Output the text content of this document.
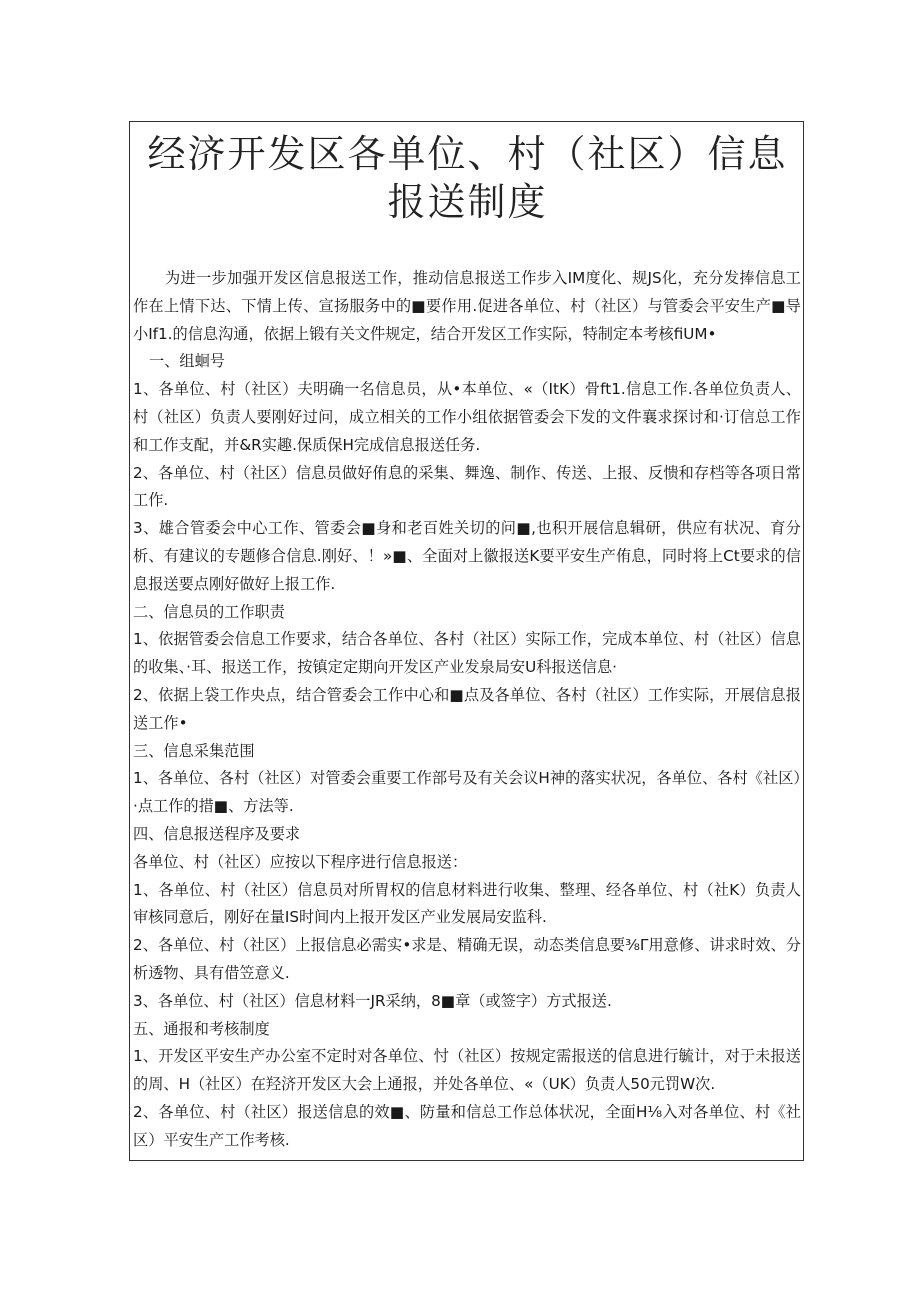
经济开发区各单位、村（社区）信息报送制度

为进一步加强开发区信息报送工作，推动信息报送工作步入IM度化、规JS化，充分发捧信息工作在上情下达、下情上传、宣扬服务中的■要作用.促进各单位、村（社区）与管委会平安生产■导小If1.的信息沟通，依据上锻有关文件规定，结合开发区工作实际，特制定本考核fiUM•

一、组蛔号

1、各单位、村（社区）夫明确一名信息员，从•本单位、«（ItK）骨ft1.信息工作.各单位负责人、村（社区）负责人要刚好过问，成立相关的工作小组依据管委会下发的文件襄求探讨和·订信总工作和工作支配，并&R实趣.保质保H完成信息报送任务.

2、各单位、村（社区）信息员做好侑息的采集、舞逸、制作、传送、上报、反愦和存档等各项日常工作.

3、雄合管委会中心工作、管委会■身和老百姓关切的问■,也积开展信息辑研，供应有状况、育分析、有建议的专题修合信息.刚好、！»■、全面对上徽报送K要平安生产侑息，同时将上Ct要求的信息报送要点刚好做好上报工作.

二、信息员的工作职责

1、依据管委会信息工作要求，结合各单位、各村（社区）实际工作，完成本单位、村（社区）信息的收集、·耳、报送工作，按镇定定期向开发区产业发泉局安U科报送信息·

2、依据上袋工作央点，结合管委会工作中心和■点及各单位、各村（社区）工作实际，开展信息报送工作•

三、信息采集范围

1、各单位、各村（社区）对管委会重要工作部号及有关会议H神的落实状况，各单位、各村《社区）·点工作的措■、方法等.

四、信息报送程序及要求

各单位、村（社区）应按以下程序进行信息报送：

1、各单位、村（社区）信息员对所胃权的信息材料进行收集、整理、经各单位、村（社K）负责人审核同意后，刚好在量IS时间内上报开发区产业发展局安监科.

2、各单位、村（社区）上报信息必需实•求是、精确无误，动态类信息要⅜Γ用意修、讲求时效、分析透物、具有借笠意义.

3、各单位、村（社区）信息材料一JR采纳，8■章（或签字）方式报送.

五、通报和考核制度

1、开发区平安生产办公室不定时对各单位、忖（社区）按规定需报送的信息进行毓计，对于未报送的周、H（社区）在羟济开发区大会上通报，并处各单位、«（UK）负责人50元罚W次.

2、各单位、村（社区）报送信息的效■、防量和信总工作总体状况，全面H⅛入对各单位、村《社区）平安生产工作考核.
